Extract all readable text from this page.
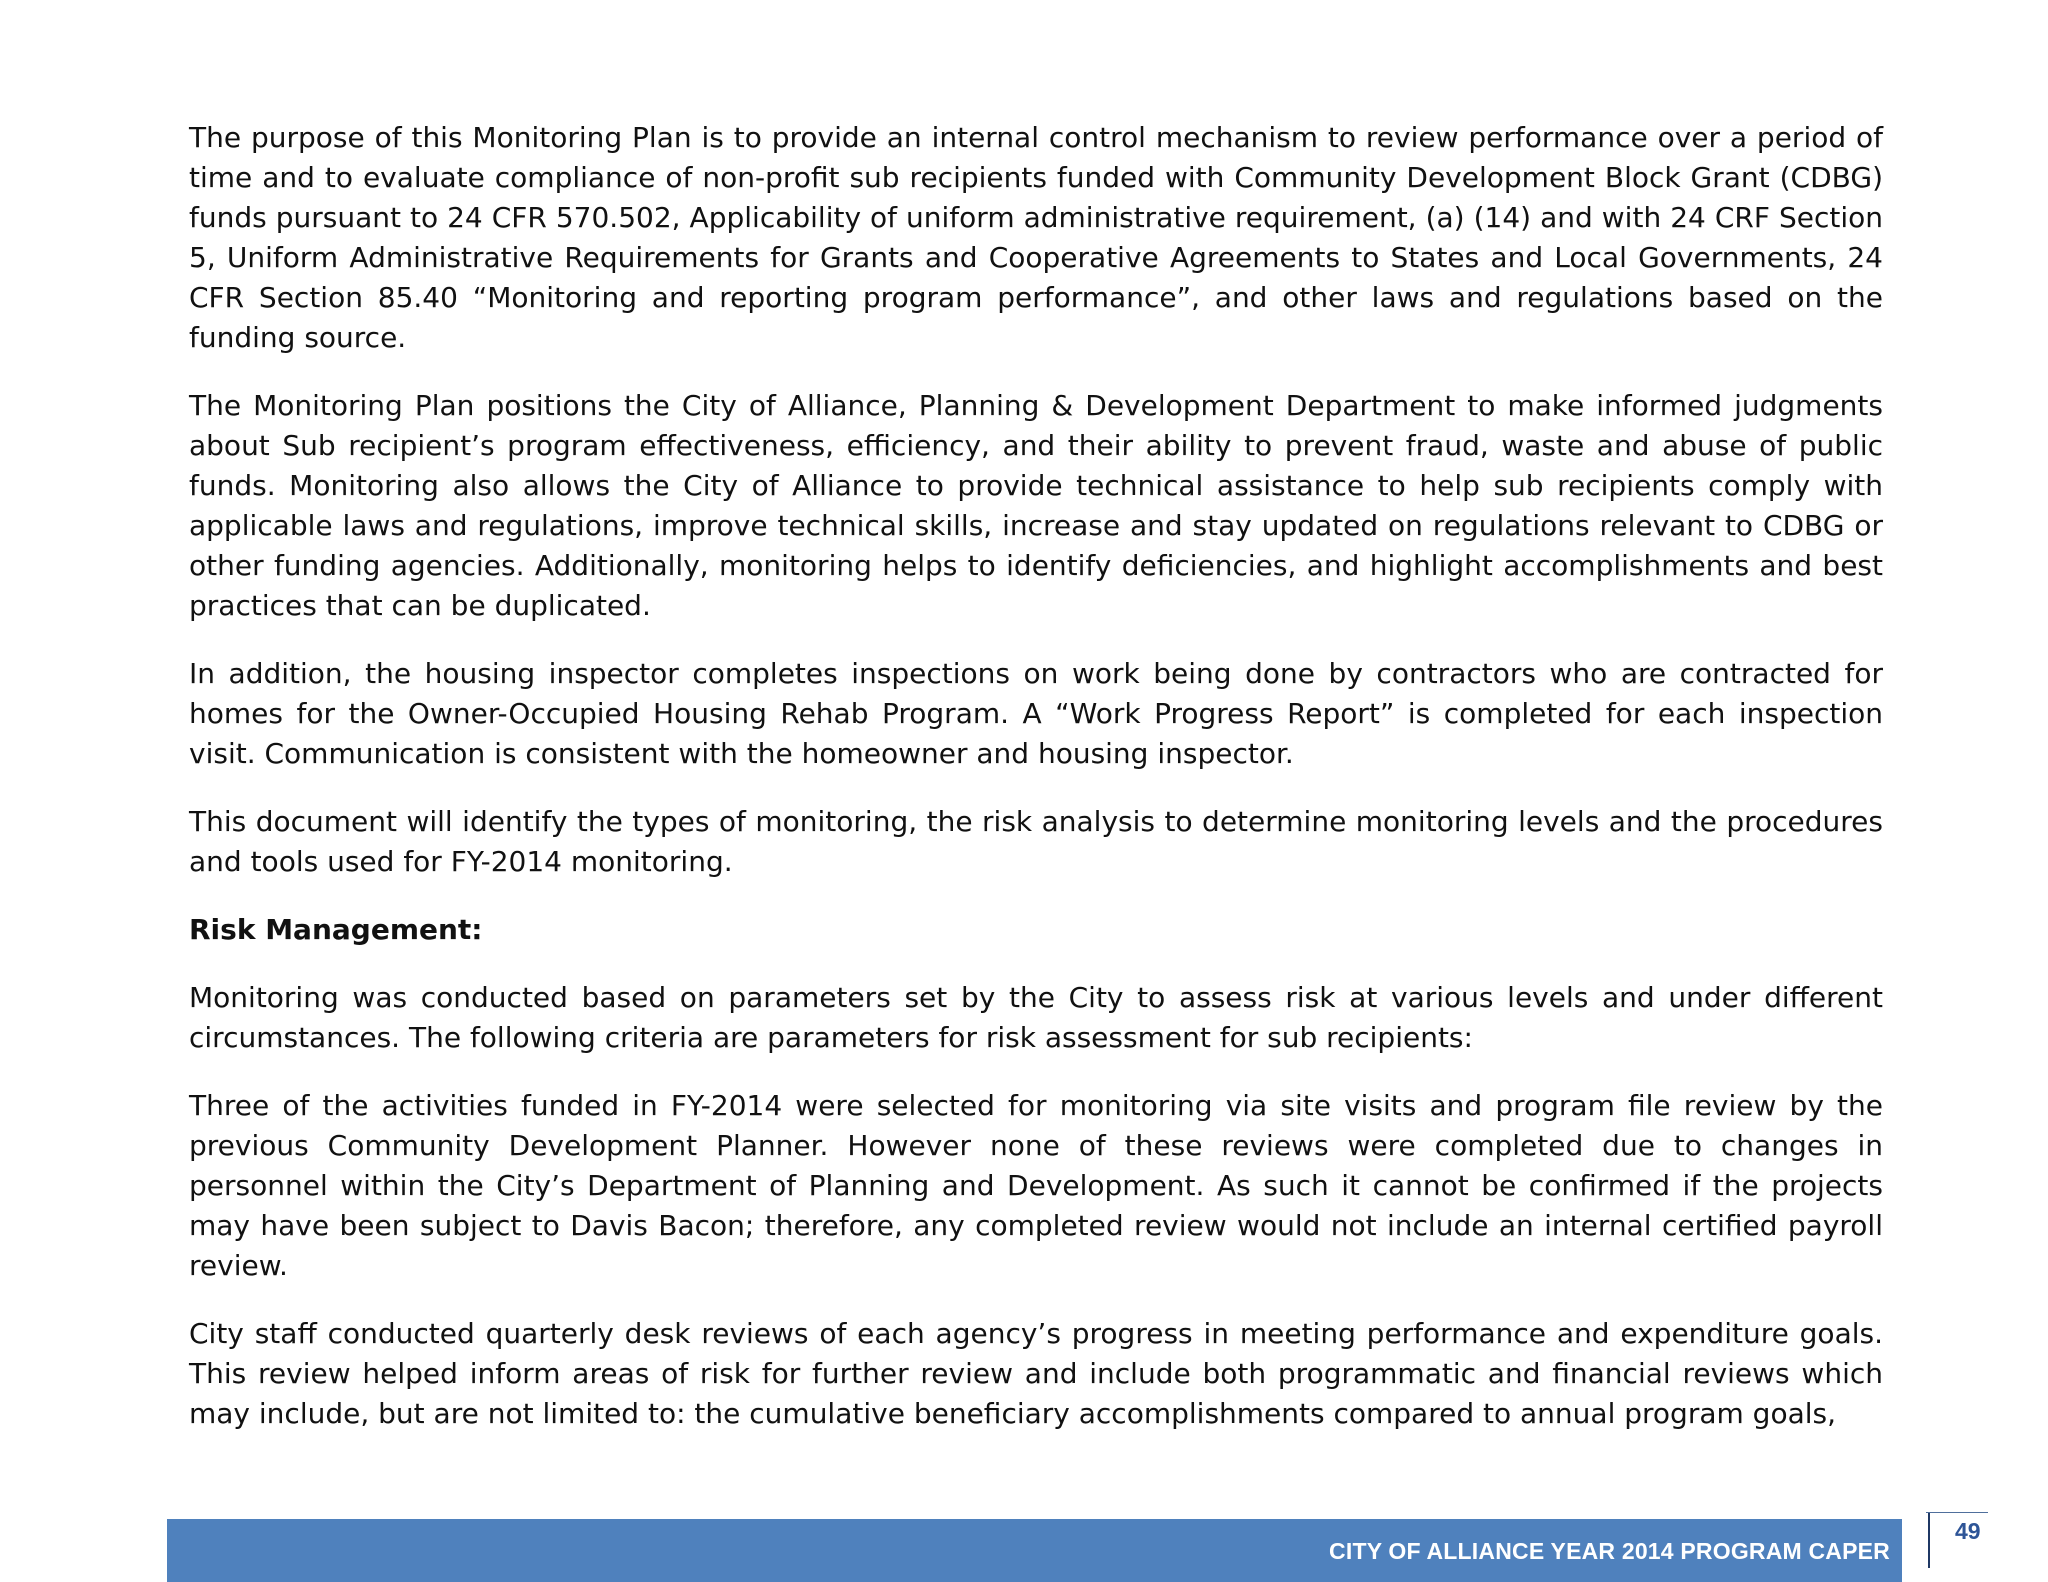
The purpose of this Monitoring Plan is to provide an internal control mechanism to review performance over a period of time and to evaluate compliance of non-profit sub recipients funded with Community Development Block Grant (CDBG) funds pursuant to 24 CFR 570.502, Applicability of uniform administrative requirement, (a) (14) and with 24 CRF Section 5, Uniform Administrative Requirements for Grants and Cooperative Agreements to States and Local Governments, 24 CFR Section 85.40 “Monitoring and reporting program performance”, and other laws and regulations based on the funding source.

The Monitoring Plan positions the City of Alliance, Planning & Development Department to make informed judgments about Sub recipient’s program effectiveness, efficiency, and their ability to prevent fraud, waste and abuse of public funds. Monitoring also allows the City of Alliance to provide technical assistance to help sub recipients comply with applicable laws and regulations, improve technical skills, increase and stay updated on regulations relevant to CDBG or other funding agencies. Additionally, monitoring helps to identify deficiencies, and highlight accomplishments and best practices that can be duplicated.

In addition, the housing inspector completes inspections on work being done by contractors who are contracted for homes for the Owner-Occupied Housing Rehab Program. A “Work Progress Report” is completed for each inspection visit. Communication is consistent with the homeowner and housing inspector.

This document will identify the types of monitoring, the risk analysis to determine monitoring levels and the procedures and tools used for FY-2014 monitoring.

Risk Management:

Monitoring was conducted based on parameters set by the City to assess risk at various levels and under different circumstances. The following criteria are parameters for risk assessment for sub recipients:

Three of the activities funded in FY-2014 were selected for monitoring via site visits and program file review by the previous Community Development Planner. However none of these reviews were completed due to changes in personnel within the City’s Department of Planning and Development. As such it cannot be confirmed if the projects may have been subject to Davis Bacon; therefore, any completed review would not include an internal certified payroll review.

City staff conducted quarterly desk reviews of each agency’s progress in meeting performance and expenditure goals. This review helped inform areas of risk for further review and include both programmatic and financial reviews which may include, but are not limited to: the cumulative beneficiary accomplishments compared to annual program goals,

CITY OF ALLIANCE YEAR 2014 PROGRAM CAPER
49
